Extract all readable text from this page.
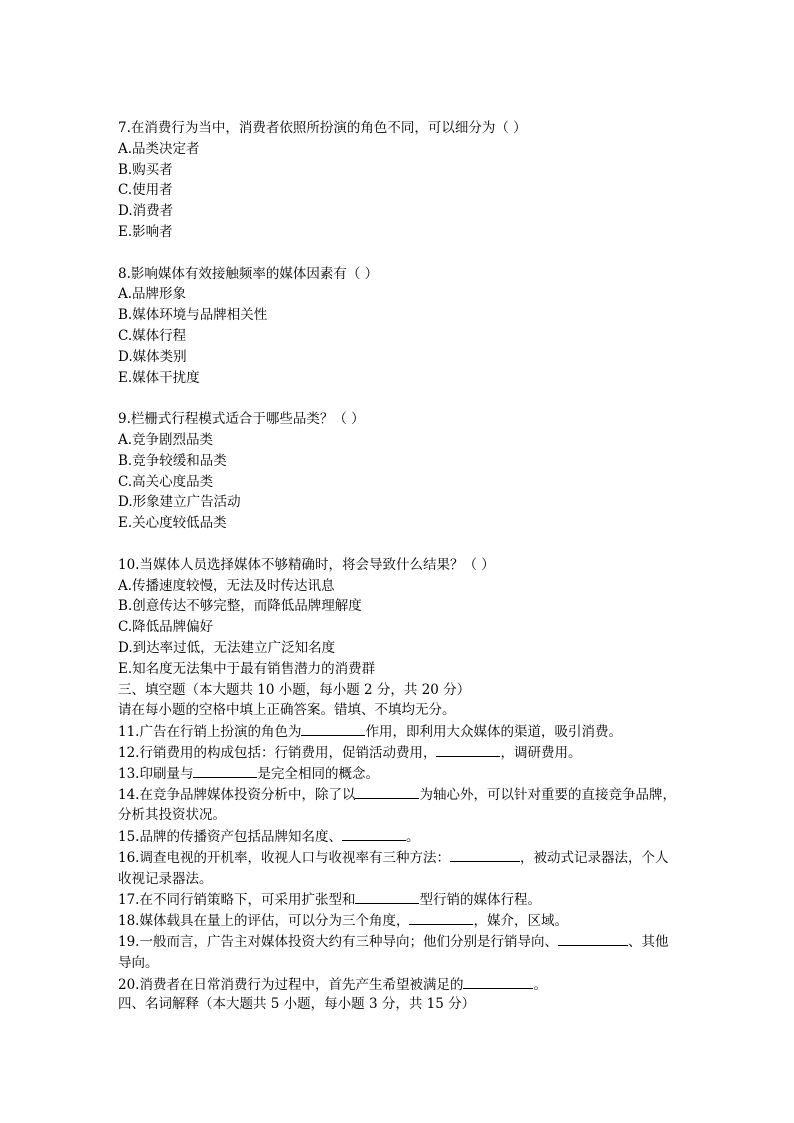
7.在消费行为当中，消费者依照所扮演的角色不同，可以细分为（ ）
A.品类决定者
B.购买者
C.使用者
D.消费者
E.影响者
8.影响媒体有效接触频率的媒体因素有（ ）
A.品牌形象
B.媒体环境与品牌相关性
C.媒体行程
D.媒体类别
E.媒体干扰度
9.栏栅式行程模式适合于哪些品类？（ ）
A.竞争剧烈品类
B.竞争较缓和品类
C.高关心度品类
D.形象建立广告活动
E.关心度较低品类
10.当媒体人员选择媒体不够精确时，将会导致什么结果？（ ）
A.传播速度较慢，无法及时传达讯息
B.创意传达不够完整，而降低品牌理解度
C.降低品牌偏好
D.到达率过低，无法建立广泛知名度
E.知名度无法集中于最有销售潜力的消费群
三、填空题（本大题共 10 小题，每小题 2 分，共 20 分）
请在每小题的空格中填上正确答案。错填、不填均无分。
11.广告在行销上扮演的角色为	作用，即利用大众媒体的渠道，吸引消费。
12.行销费用的构成包括：行销费用，促销活动费用，	，调研费用。
13.印刷量与	是完全相同的概念。
14.在竞争品牌媒体投资分析中，除了以	为轴心外，可以针对重要的直接竞争品牌，分析其投资状况。
15.品牌的传播资产包括品牌知名度、	。
16.调查电视的开机率，收视人口与收视率有三种方法：	，被动式记录器法，个人收视记录器法。
17.在不同行销策略下，可采用扩张型和	型行销的媒体行程。
18.媒体载具在量上的评估，可以分为三个角度，	，媒介，区域。
19.一般而言，广告主对媒体投资大约有三种导向；他们分别是行销导向、	、其他导向。
20.消费者在日常消费行为过程中，首先产生希望被满足的	。
四、名词解释（本大题共 5 小题，每小题 3 分，共 15 分）
